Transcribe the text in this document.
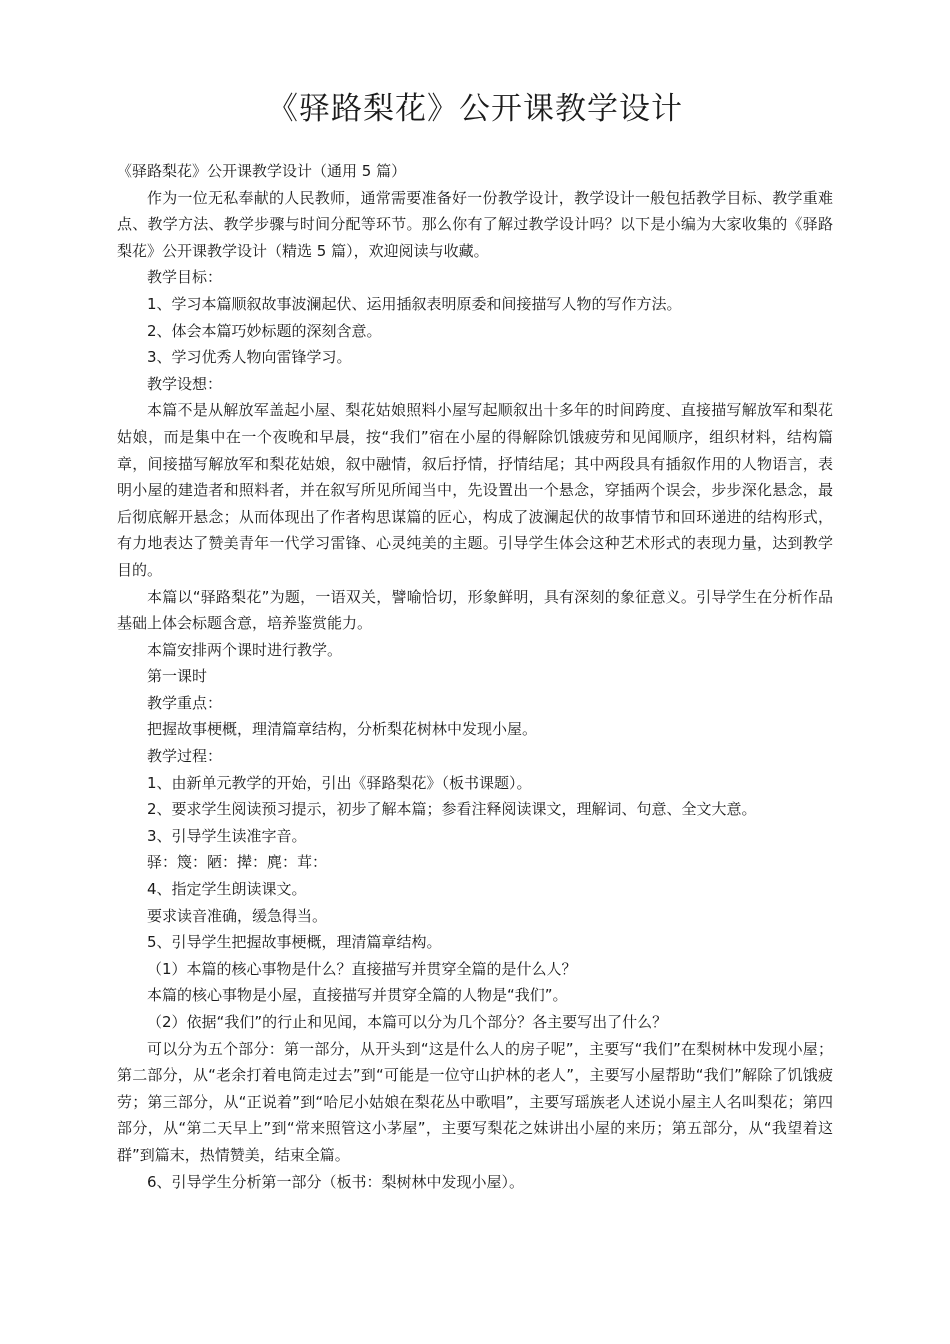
《驿路梨花》公开课教学设计

《驿路梨花》公开课教学设计（通用 5 篇）

作为一位无私奉献的人民教师，通常需要准备好一份教学设计，教学设计一般包括教学目标、教学重难点、教学方法、教学步骤与时间分配等环节。那么你有了解过教学设计吗？以下是小编为大家收集的《驿路梨花》公开课教学设计（精选 5 篇），欢迎阅读与收藏。

教学目标：

1、学习本篇顺叙故事波澜起伏、运用插叙表明原委和间接描写人物的写作方法。

2、体会本篇巧妙标题的深刻含意。

3、学习优秀人物向雷锋学习。

教学设想：

本篇不是从解放军盖起小屋、梨花姑娘照料小屋写起顺叙出十多年的时间跨度、直接描写解放军和梨花姑娘，而是集中在一个夜晚和早晨，按“我们”宿在小屋的得解除饥饿疲劳和见闻顺序，组织材料，结构篇章，间接描写解放军和梨花姑娘，叙中融情，叙后抒情，抒情结尾；其中两段具有插叙作用的人物语言，表明小屋的建造者和照料者，并在叙写所见所闻当中，先设置出一个悬念，穿插两个误会，步步深化悬念，最后彻底解开悬念；从而体现出了作者构思谋篇的匠心，构成了波澜起伏的故事情节和回环递进的结构形式，有力地表达了赞美青年一代学习雷锋、心灵纯美的主题。引导学生体会这种艺术形式的表现力量，达到教学目的。

本篇以“驿路梨花”为题，一语双关，譬喻恰切，形象鲜明，具有深刻的象征意义。引导学生在分析作品基础上体会标题含意，培养鉴赏能力。

本篇安排两个课时进行教学。

第一课时

教学重点：

把握故事梗概，理清篇章结构，分析梨花树林中发现小屋。

教学过程：

1、由新单元教学的开始，引出《驿路梨花》（板书课题）。

2、要求学生阅读预习提示，初步了解本篇；参看注释阅读课文，理解词、句意、全文大意。

3、引导学生读准字音。

驿：篾：陋：撵：麂：茸：

4、指定学生朗读课文。

要求读音准确，缓急得当。

5、引导学生把握故事梗概，理清篇章结构。

（1）本篇的核心事物是什么？直接描写并贯穿全篇的是什么人？

本篇的核心事物是小屋，直接描写并贯穿全篇的人物是“我们”。

（2）依据“我们”的行止和见闻，本篇可以分为几个部分？各主要写出了什么？

可以分为五个部分：第一部分，从开头到“这是什么人的房子呢”，主要写“我们”在梨树林中发现小屋；第二部分，从“老余打着电筒走过去”到“可能是一位守山护林的老人”，主要写小屋帮助“我们”解除了饥饿疲劳；第三部分，从“正说着”到“哈尼小姑娘在梨花丛中歌唱”，主要写瑶族老人述说小屋主人名叫梨花；第四部分，从“第二天早上”到“常来照管这小茅屋”，主要写梨花之妹讲出小屋的来历；第五部分，从“我望着这群”到篇末，热情赞美，结束全篇。

6、引导学生分析第一部分（板书：梨树林中发现小屋）。
